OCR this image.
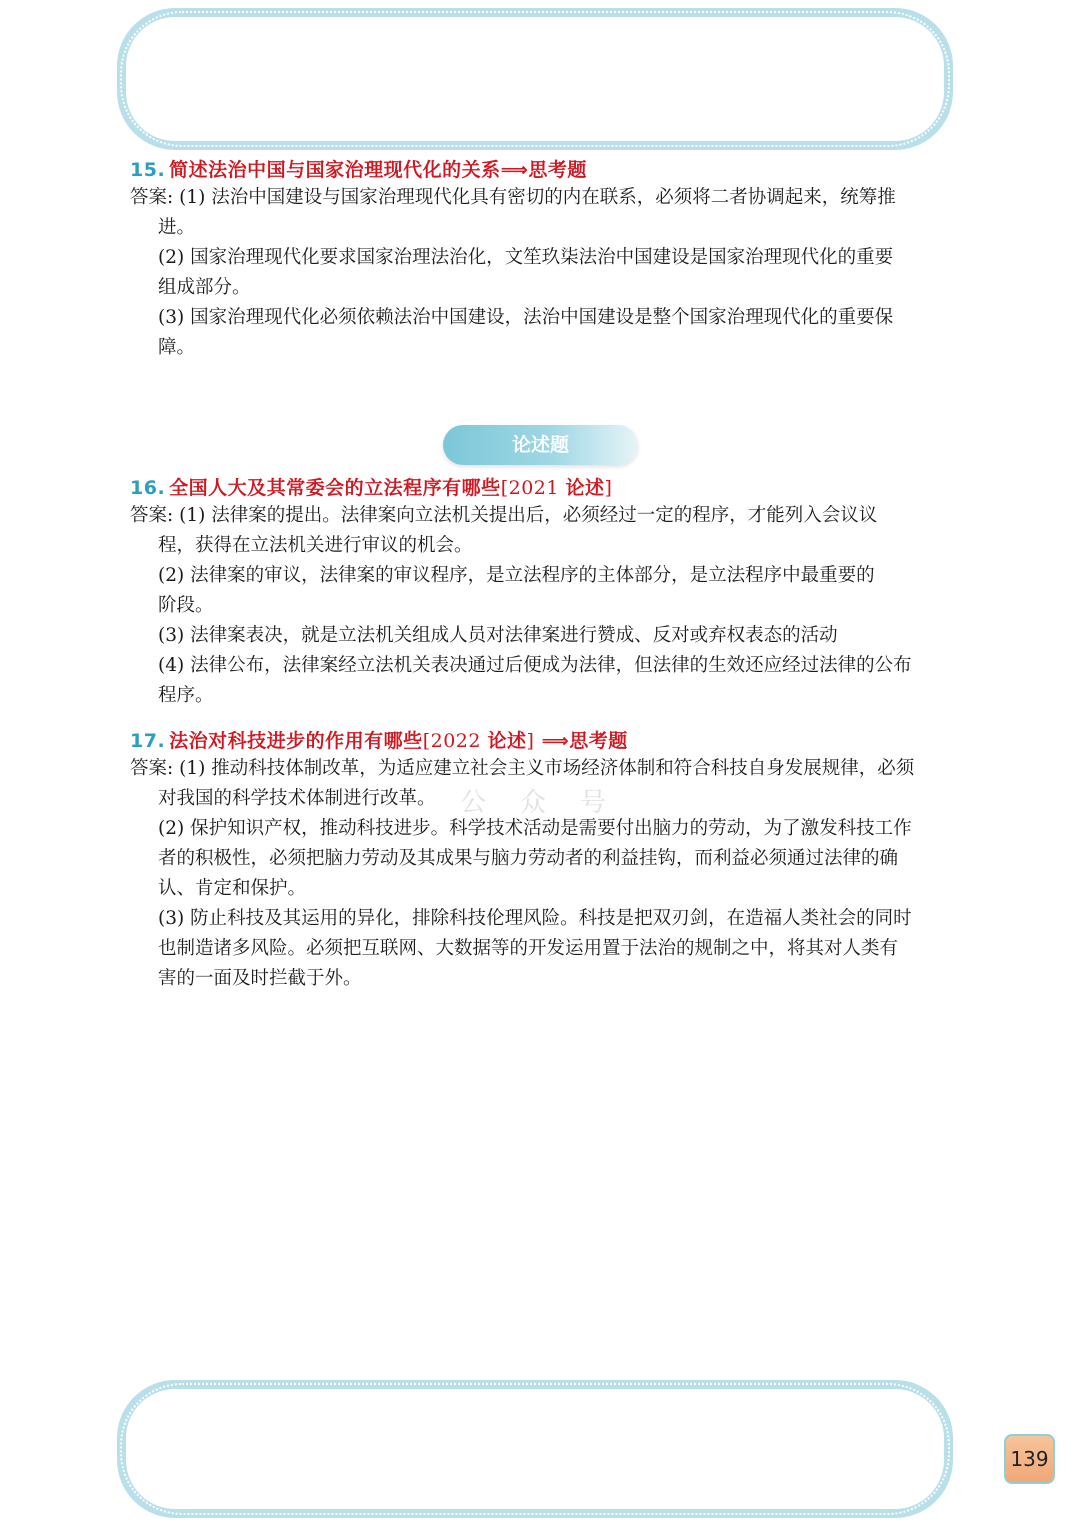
15. 简述法治中国与国家治理现代化的关系⟹思考题
答案: (1) 法治中国建设与国家治理现代化具有密切的内在联系，必须将二者协调起来，统筹推
进。
(2) 国家治理现代化要求国家治理法治化，文笙玖柒法治中国建设是国家治理现代化的重要
组成部分。
(3) 国家治理现代化必须依赖法治中国建设，法治中国建设是整个国家治理现代化的重要保
障。
论述题
16. 全国人大及其常委会的立法程序有哪些[2021 论述]
答案: (1) 法律案的提出。法律案向立法机关提出后，必须经过一定的程序，才能列入会议议
程，获得在立法机关进行审议的机会。
(2) 法律案的审议，法律案的审议程序，是立法程序的主体部分，是立法程序中最重要的
阶段。
(3) 法律案表决，就是立法机关组成人员对法律案进行赞成、反对或弃权表态的活动
(4) 法律公布，法律案经立法机关表决通过后便成为法律，但法律的生效还应经过法律的公布
程序。
17. 法治对科技进步的作用有哪些[2022 论述] ⟹思考题
答案: (1) 推动科技体制改革，为适应建立社会主义市场经济体制和符合科技自身发展规律，必须
对我国的科学技术体制进行改革。
(2) 保护知识产权，推动科技进步。科学技术活动是需要付出脑力的劳动，为了激发科技工作
者的积极性，必须把脑力劳动及其成果与脑力劳动者的利益挂钩，而利益必须通过法律的确
认、肯定和保护。
(3) 防止科技及其运用的异化，排除科技伦理风险。科技是把双刃剑，在造福人类社会的同时
也制造诸多风险。必须把互联网、大数据等的开发运用置于法治的规制之中，将其对人类有
害的一面及时拦截于外。
公众号
139
